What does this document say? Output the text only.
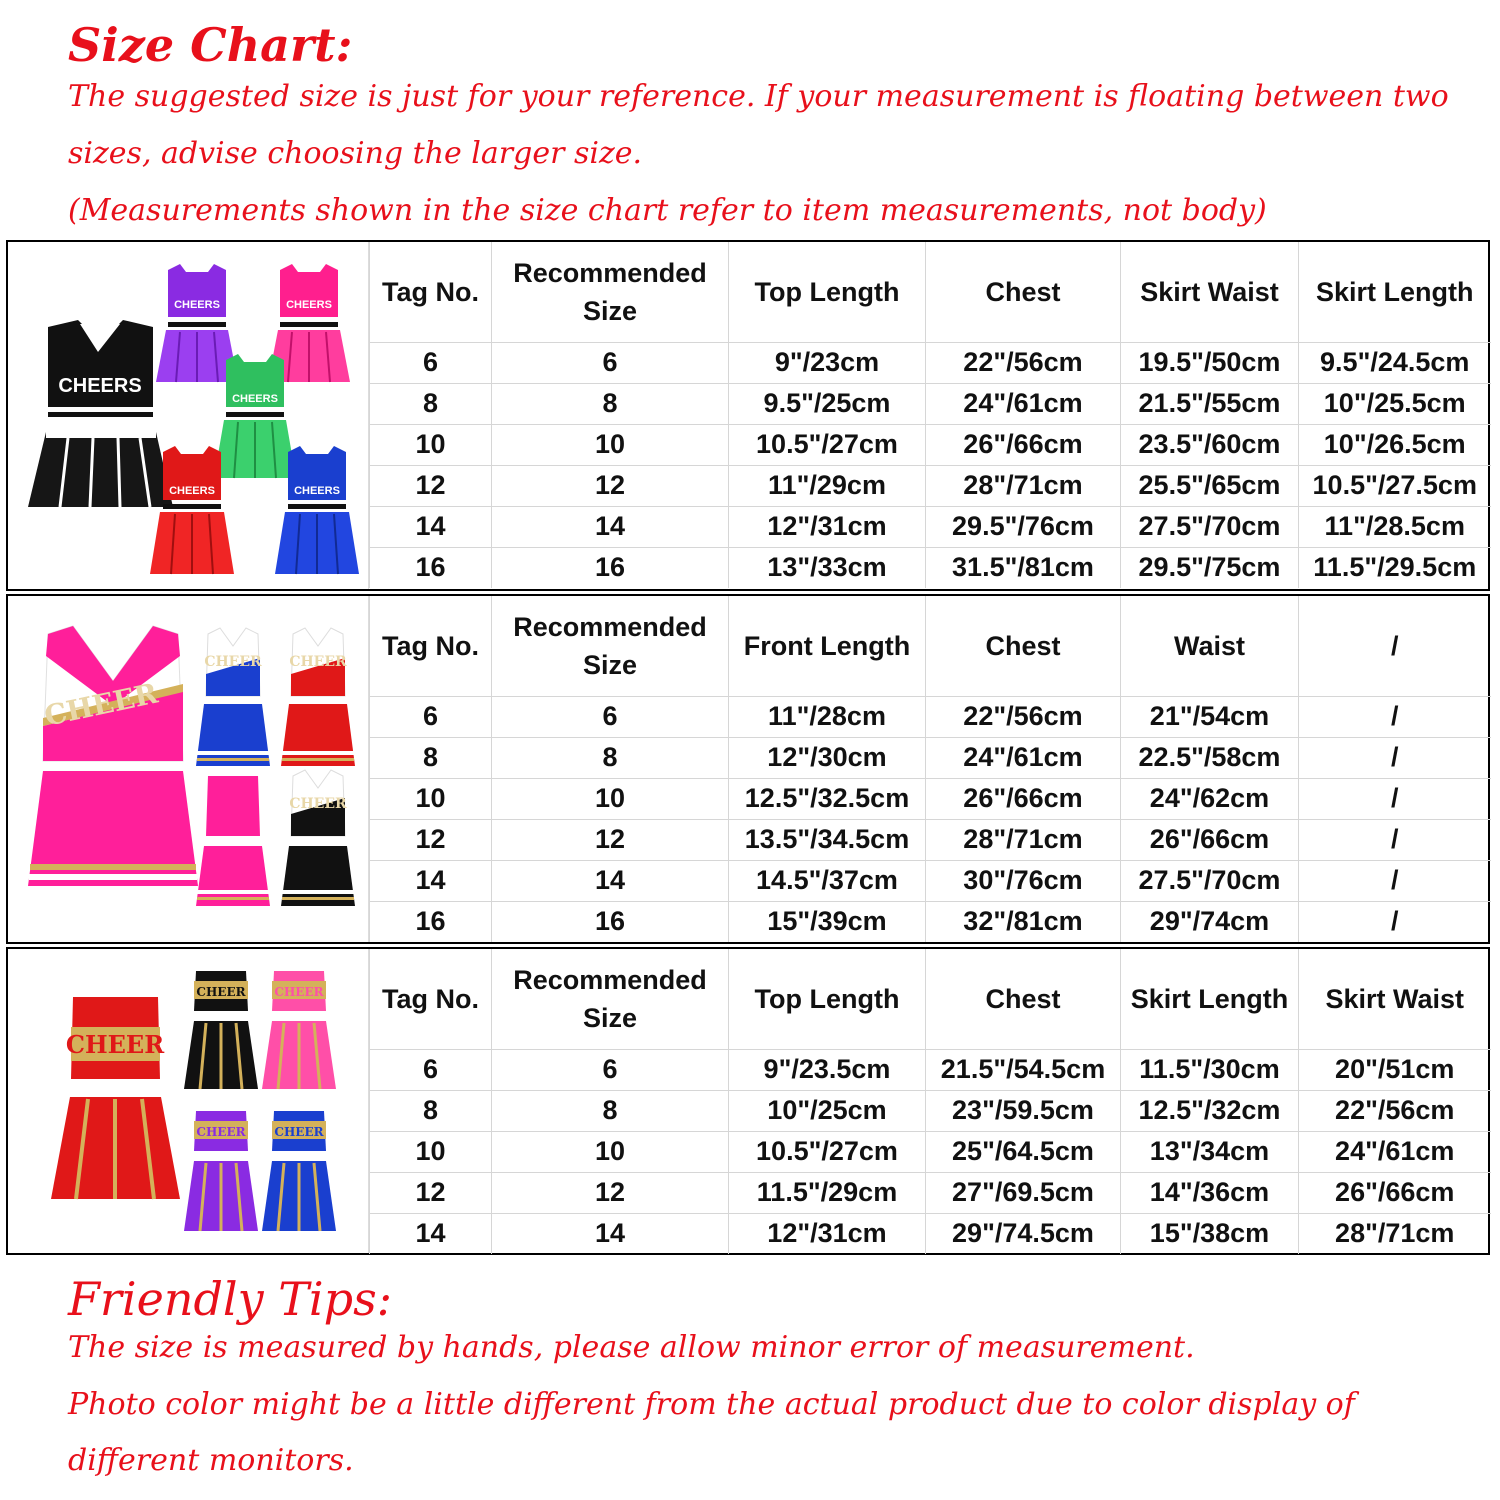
Size Chart:

The suggested size is just for your reference. If your measurement is floating between two

sizes, advise choosing the larger size.

(Measurements shown in the size chart refer to item measurements, not body)

CHEERS
CHEERS	CHEERS
CHEERS
CHEERS	CHEERS
Tag No.	Recommended Size	Top Length	Chest	Skirt Waist	Skirt Length
6	6	9"/23cm	22"/56cm	19.5"/50cm	9.5"/24.5cm
8	8	9.5"/25cm	24"/61cm	21.5"/55cm	10"/25.5cm
10	10	10.5"/27cm	26"/66cm	23.5"/60cm	10"/26.5cm
12	12	11"/29cm	28"/71cm	25.5"/65cm	10.5"/27.5cm
14	14	12"/31cm	29.5"/76cm	27.5"/70cm	11"/28.5cm
16	16	13"/33cm	31.5"/81cm	29.5"/75cm	11.5"/29.5cm
CHEER
CHEER CHEER
CHEER
Tag No.	Recommended Size	Front Length	Chest	Waist	/
6	6	11"/28cm	22"/56cm	21"/54cm	/
8	8	12"/30cm	24"/61cm	22.5"/58cm	/
10	10	12.5"/32.5cm	26"/66cm	24"/62cm	/
12	12	13.5"/34.5cm	28"/71cm	26"/66cm	/
14	14	14.5"/37cm	30"/76cm	27.5"/70cm	/
16	16	15"/39cm	32"/81cm	29"/74cm	/
CHEER
CHEER CHEER
CHEER CHEER
Tag No.	Recommended Size	Top Length	Chest	Skirt Length	Skirt Waist
6	6	9"/23.5cm	21.5"/54.5cm	11.5"/30cm	20"/51cm
8	8	10"/25cm	23"/59.5cm	12.5"/32cm	22"/56cm
10	10	10.5"/27cm	25"/64.5cm	13"/34cm	24"/61cm
12	12	11.5"/29cm	27"/69.5cm	14"/36cm	26"/66cm
14	14	12"/31cm	29"/74.5cm	15"/38cm	28"/71cm
Friendly Tips:

The size is measured by hands, please allow minor error of measurement.

Photo color might be a little different from the actual product due to color display of

different monitors.
